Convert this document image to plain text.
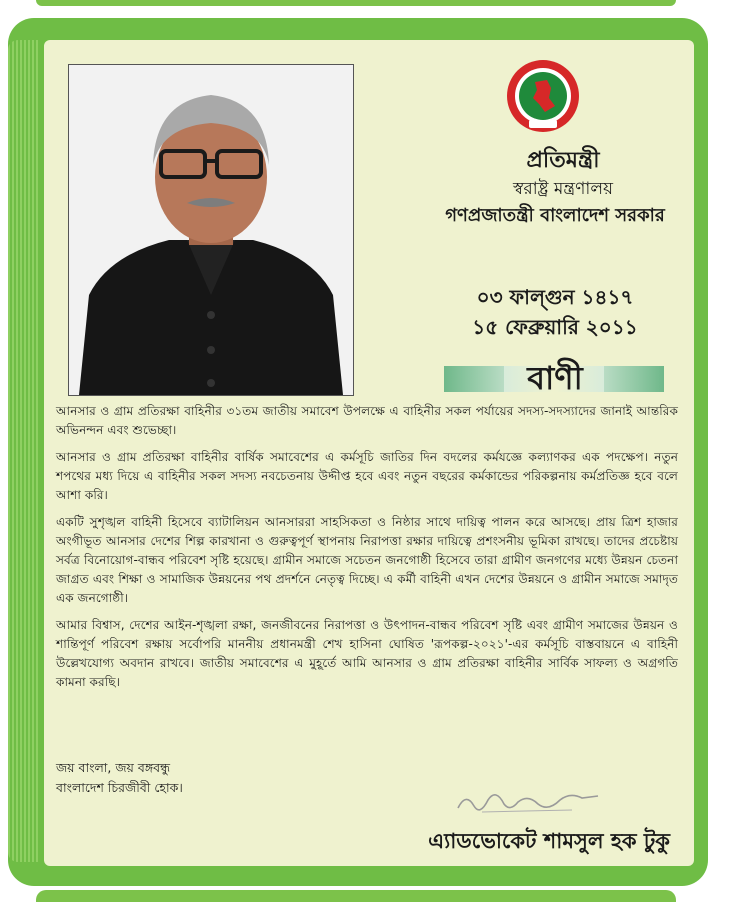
প্রতিমন্ত্রী
স্বরাষ্ট্র মন্ত্রণালয়
গণপ্রজাতন্ত্রী বাংলাদেশ সরকার
০৩ ফাল্গুন ১৪১৭
১৫ ফেব্রুয়ারি ২০১১
বাণী

আনসার ও গ্রাম প্রতিরক্ষা বাহিনীর ৩১তম জাতীয় সমাবেশ উপলক্ষে এ বাহিনীর সকল পর্যায়ের সদস্য-সদস্যাদের জানাই আন্তরিক অভিনন্দন এবং শুভেচ্ছা।

আনসার ও গ্রাম প্রতিরক্ষা বাহিনীর বার্ষিক সমাবেশের এ কর্মসূচি জাতির দিন বদলের কর্মযজ্ঞে কল্যাণকর এক পদক্ষেপ। নতুন শপথের মধ্য দিয়ে এ বাহিনীর সকল সদস্য নবচেতনায় উদ্দীপ্ত হবে এবং নতুন বছরের কর্মকান্ডের পরিকল্পনায় কর্মপ্রতিজ্ঞ হবে বলে আশা করি।

একটি সুশৃঙ্খল বাহিনী হিসেবে ব্যাটালিয়ন আনসাররা সাহসিকতা ও নিষ্ঠার সাথে দায়িত্ব পালন করে আসছে। প্রায় ত্রিশ হাজার অংগীভূত আনসার দেশের শিল্প কারখানা ও গুরুত্বপূর্ণ স্থাপনায় নিরাপত্তা রক্ষার দায়িত্বে প্রশংসনীয় ভূমিকা রাখছে। তাদের প্রচেষ্টায় সর্বত্র বিনোয়োগ-বান্ধব পরিবেশ সৃষ্টি হয়েছে। গ্রামীন সমাজে সচেতন জনগোষ্ঠী হিসেবে তারা গ্রামীণ জনগণের মধ্যে উন্নয়ন চেতনা জাগ্রত এবং শিক্ষা ও সামাজিক উন্নয়নের পথ প্রদর্শনে নেতৃত্ব দিচ্ছে। এ কর্মী বাহিনী এখন দেশের উন্নয়নে ও গ্রামীন সমাজে সমাদৃত এক জনগোষ্ঠী।

আমার বিশ্বাস, দেশের আইন-শৃঙ্খলা রক্ষা, জনজীবনের নিরাপত্তা ও উৎপাদন-বান্ধব পরিবেশ সৃষ্টি এবং গ্রামীণ সমাজের উন্নয়ন ও শান্তিপূর্ণ পরিবেশ রক্ষায় সর্বোপরি মাননীয় প্রধানমন্ত্রী শেখ হাসিনা ঘোষিত 'রূপকল্প-২০২১'-এর কর্মসূচি বাস্তবায়নে এ বাহিনী উল্লেখযোগ্য অবদান রাখবে। জাতীয় সমাবেশের এ মুহূর্তে আমি আনসার ও গ্রাম প্রতিরক্ষা বাহিনীর সার্বিক সাফল্য ও অগ্রগতি কামনা করছি।

জয় বাংলা, জয় বঙ্গবন্ধু
বাংলাদেশ চিরজীবী হোক।
এ্যাডভোকেট শামসুল হক টুকু
